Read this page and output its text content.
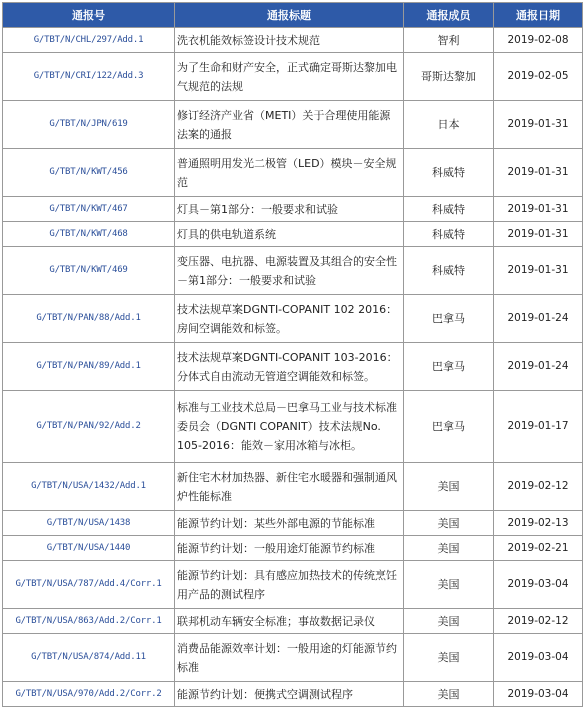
通报号	通报标题	通报成员	通报日期
G/TBT/N/CHL/297/Add.1	洗衣机能效标签设计技术规范	智利	2019-02-08
G/TBT/N/CRI/122/Add.3	为了生命和财产安全，正式确定哥斯达黎加电气规范的法规	哥斯达黎加	2019-02-05
G/TBT/N/JPN/619	修订经济产业省（METI）关于合理使用能源法案的通报	日本	2019-01-31
G/TBT/N/KWT/456	普通照明用发光二极管（LED）模块－安全规范	科威特	2019-01-31
G/TBT/N/KWT/467	灯具－第1部分：一般要求和试验	科威特	2019-01-31
G/TBT/N/KWT/468	灯具的供电轨道系统	科威特	2019-01-31
G/TBT/N/KWT/469	变压器、电抗器、电源装置及其组合的安全性－第1部分：一般要求和试验	科威特	2019-01-31
G/TBT/N/PAN/88/Add.1	技术法规草案DGNTI-COPANIT 102 2016：房间空调能效和标签。	巴拿马	2019-01-24
G/TBT/N/PAN/89/Add.1	技术法规草案DGNTI-COPANIT 103-2016：分体式自由流动无管道空调能效和标签。	巴拿马	2019-01-24
G/TBT/N/PAN/92/Add.2	标准与工业技术总局－巴拿马工业与技术标准委员会（DGNTI COPANIT）技术法规No. 105-2016：能效－家用冰箱与冰柜。	巴拿马	2019-01-17
G/TBT/N/USA/1432/Add.1	新住宅木材加热器、新住宅水暖器和强制通风炉性能标准	美国	2019-02-12
G/TBT/N/USA/1438	能源节约计划：某些外部电源的节能标准	美国	2019-02-13
G/TBT/N/USA/1440	能源节约计划：一般用途灯能源节约标准	美国	2019-02-21
G/TBT/N/USA/787/Add.4/Corr.1	能源节约计划：具有感应加热技术的传统烹饪用产品的测试程序	美国	2019-03-04
G/TBT/N/USA/863/Add.2/Corr.1	联邦机动车辆安全标准；事故数据记录仪	美国	2019-02-12
G/TBT/N/USA/874/Add.11	消费品能源效率计划：一般用途的灯能源节约标准	美国	2019-03-04
G/TBT/N/USA/970/Add.2/Corr.2	能源节约计划：便携式空调测试程序	美国	2019-03-04
